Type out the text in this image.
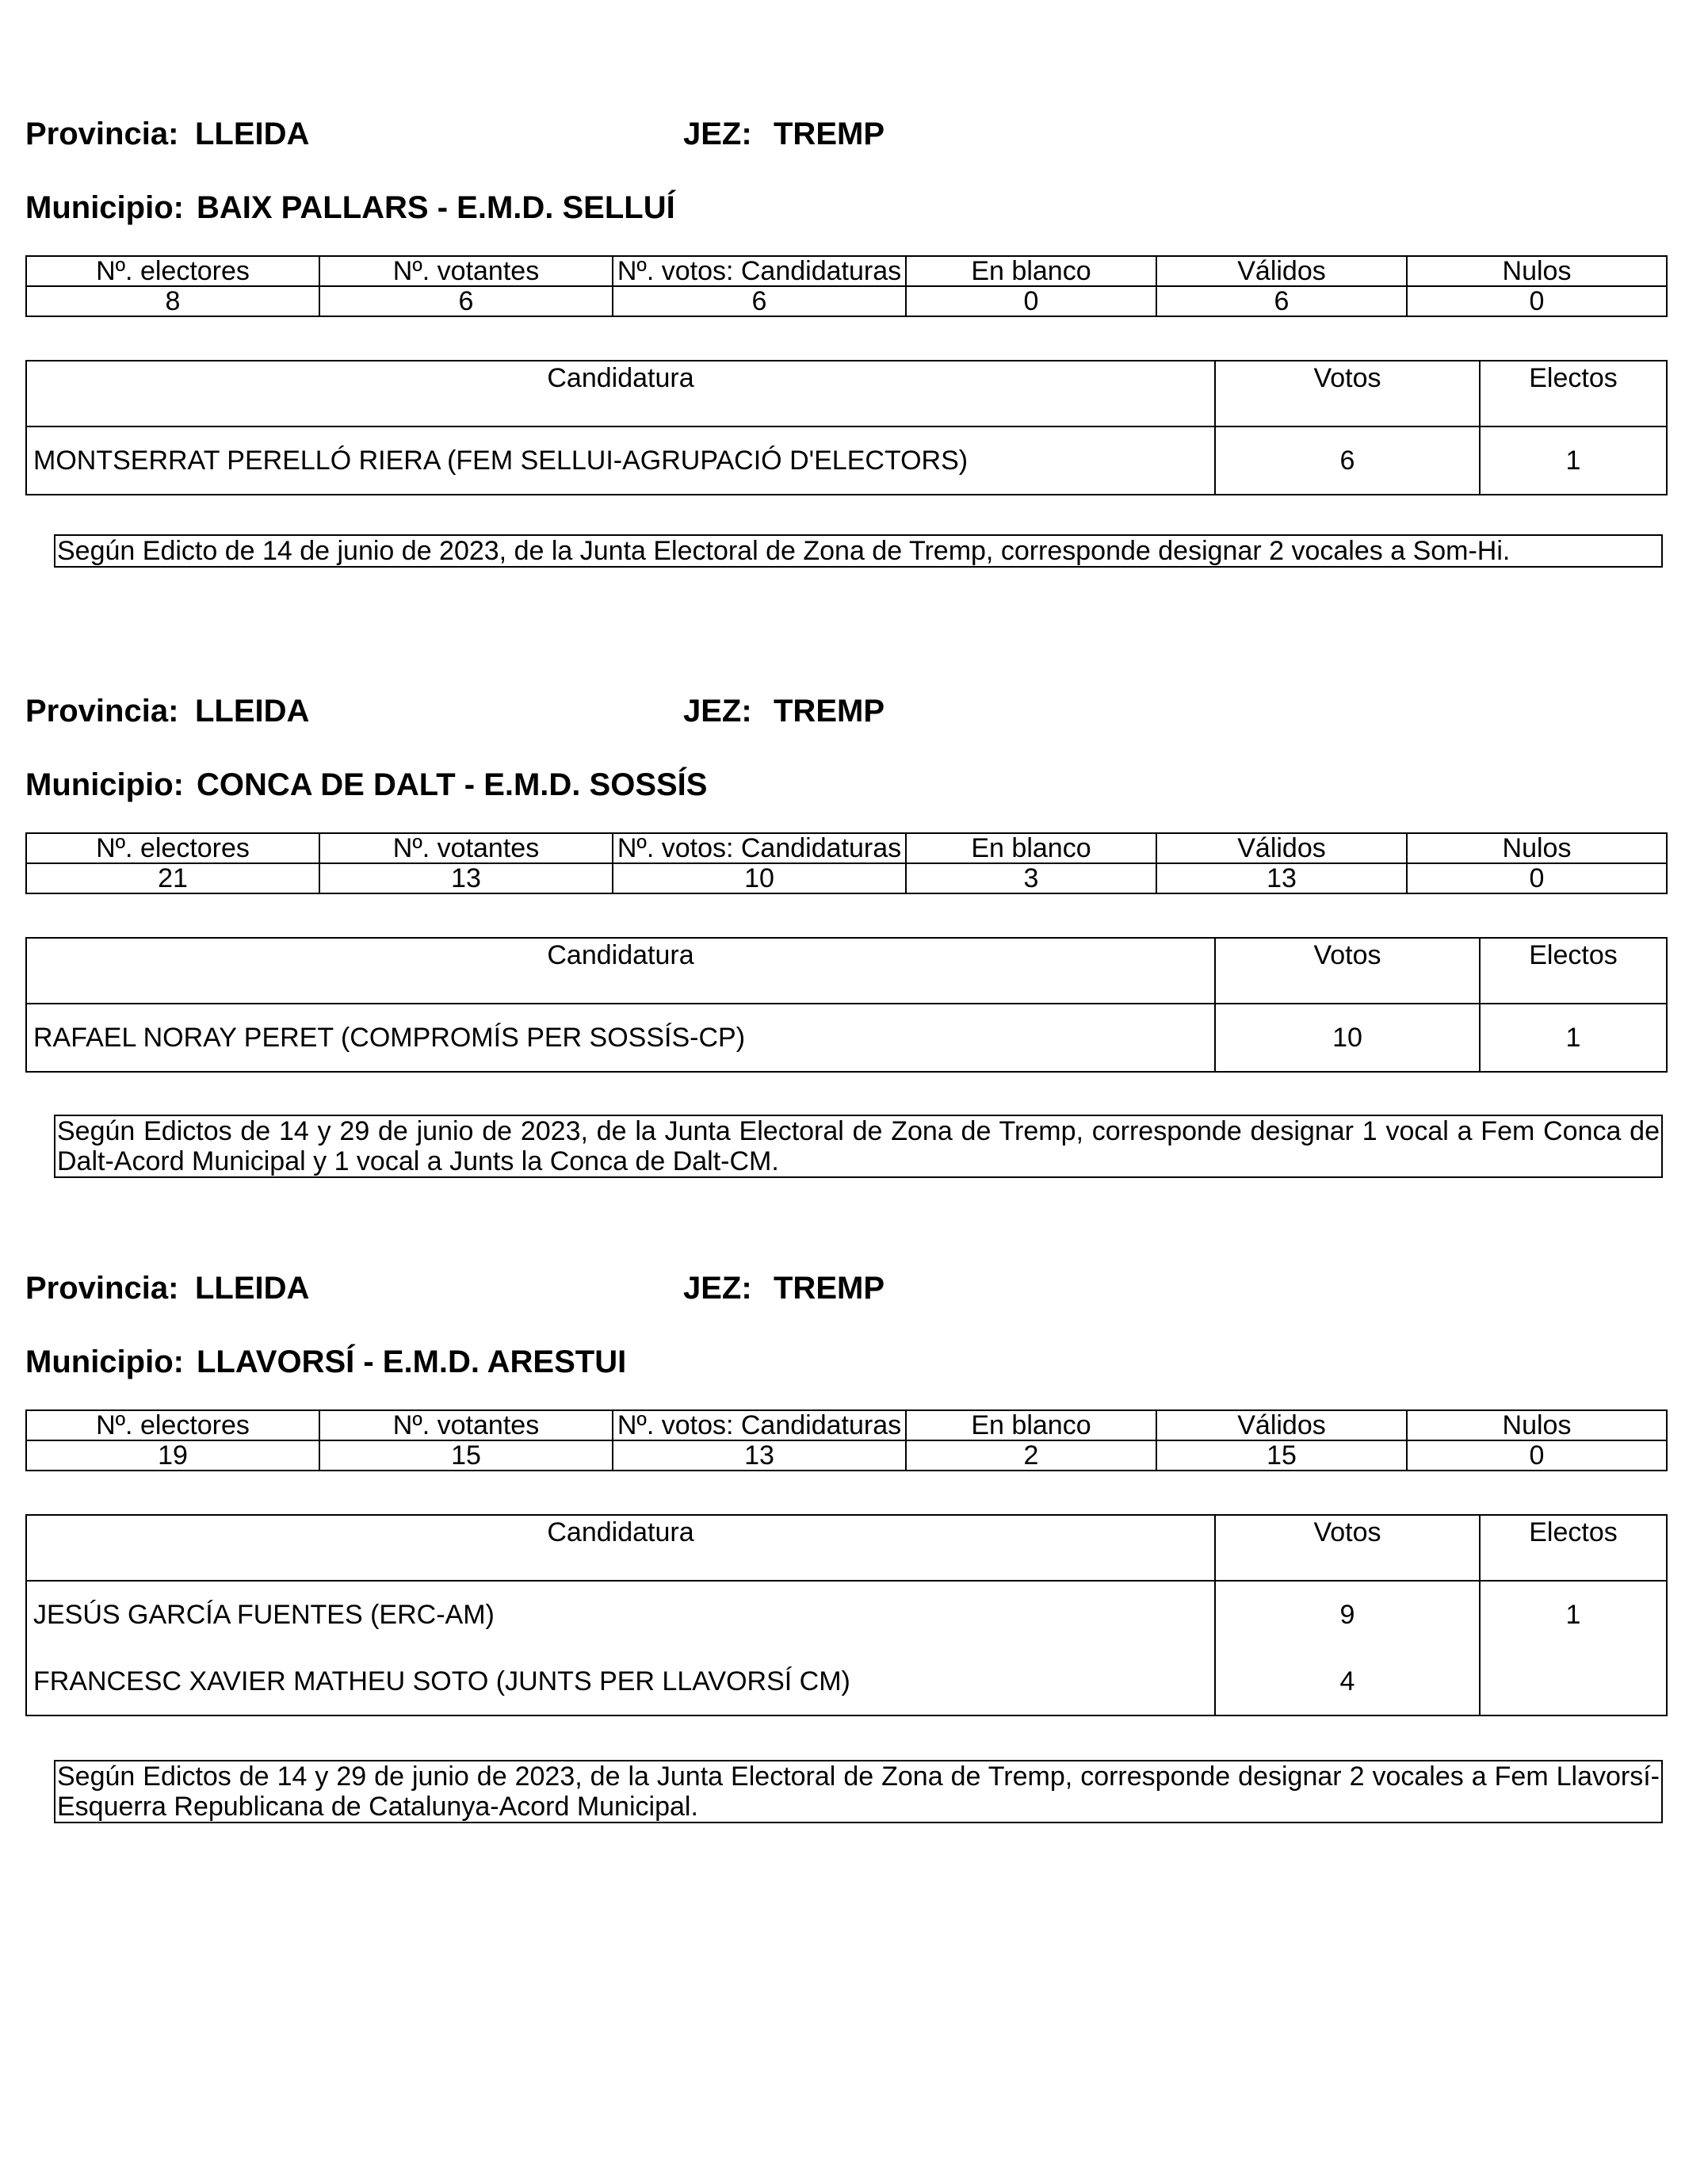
Provincia: LLEIDA	JEZ: TREMP
Municipio: BAIX PALLARS - E.M.D. SELLUÍ
Nº. electores	Nº. votantes	Nº. votos: Candidaturas	En blanco	Válidos	Nulos
8	6	6	0	6	0
Candidatura	Votos	Electos
MONTSERRAT PERELLÓ RIERA (FEM SELLUI-AGRUPACIÓ D'ELECTORS)	6	1
Según Edicto de 14 de junio de 2023, de la Junta Electoral de Zona de Tremp, corresponde designar 2 vocales a Som-Hi.
Provincia: LLEIDA	JEZ: TREMP
Municipio: CONCA DE DALT - E.M.D. SOSSÍS
Nº. electores	Nº. votantes	Nº. votos: Candidaturas	En blanco	Válidos	Nulos
21	13	10	3	13	0
Candidatura	Votos	Electos
RAFAEL NORAY PERET (COMPROMÍS PER SOSSÍS-CP)	10	1
Según Edictos de 14 y 29 de junio de 2023, de la Junta Electoral de Zona de Tremp, corresponde designar 1 vocal a Fem Conca de Dalt-Acord Municipal y 1 vocal a Junts la Conca de Dalt-CM.
Provincia: LLEIDA	JEZ: TREMP
Municipio: LLAVORSÍ - E.M.D. ARESTUI
Nº. electores	Nº. votantes	Nº. votos: Candidaturas	En blanco	Válidos	Nulos
19	15	13	2	15	0
Candidatura	Votos	Electos
JESÚS GARCÍA FUENTES (ERC-AM)	9	1
FRANCESC XAVIER MATHEU SOTO (JUNTS PER LLAVORSÍ CM)	4	
Según Edictos de 14 y 29 de junio de 2023, de la Junta Electoral de Zona de Tremp, corresponde designar 2 vocales a Fem Llavorsí-Esquerra Republicana de Catalunya-Acord Municipal.
